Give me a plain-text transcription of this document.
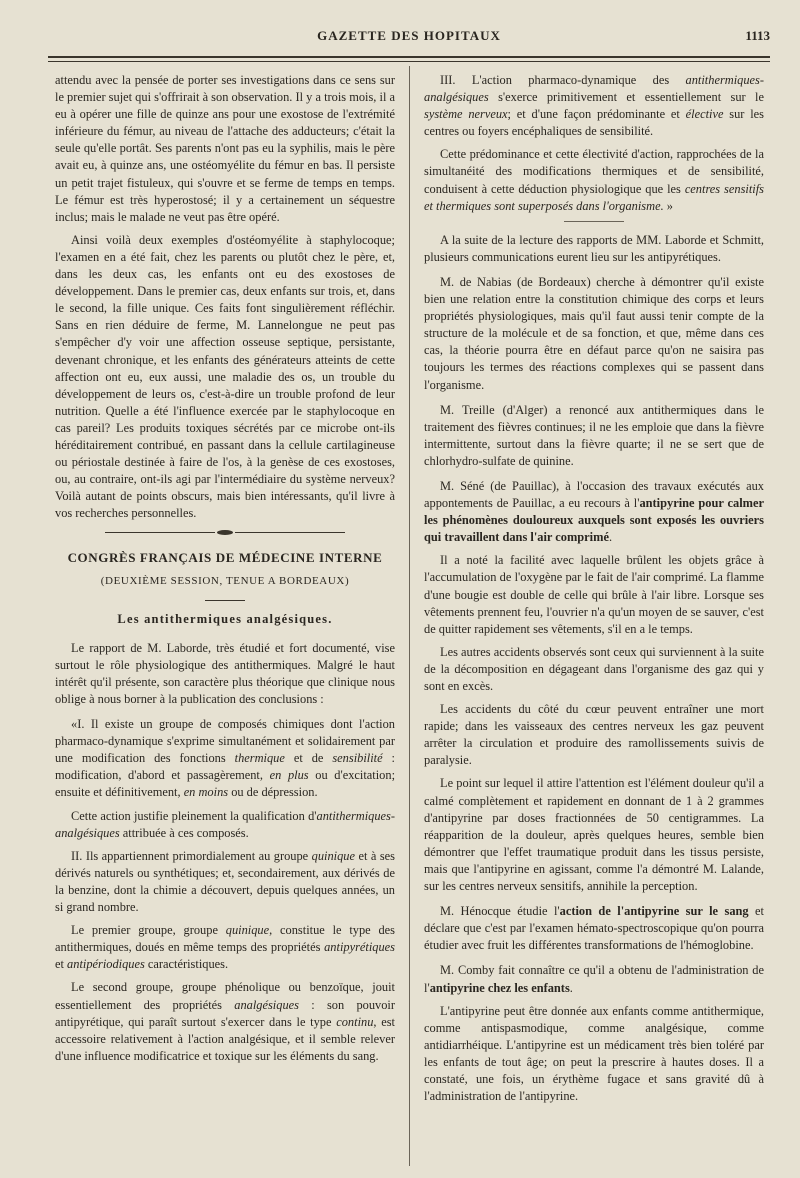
GAZETTE DES HOPITAUX	1113

attendu avec la pensée de porter ses investigations dans ce sens sur le premier sujet qui s'offrirait à son observation. Il y a trois mois, il a eu à opérer une fille de quinze ans pour une exostose de l'extrémité inférieure du fémur, au niveau de l'attache des adducteurs; c'était la seule qu'elle portât. Ses parents n'ont pas eu la syphilis, mais le père avait eu, à quinze ans, une ostéomyélite du fémur en bas. Il persiste un petit trajet fistuleux, qui s'ouvre et se ferme de temps en temps. Le fémur est très hyperostosé; il y a certainement un séquestre inclus; mais le malade ne veut pas être opéré.

Ainsi voilà deux exemples d'ostéomyélite à staphylocoque; l'examen en a été fait, chez les parents ou plutôt chez le père, et, dans les deux cas, les enfants ont eu des exostoses de développement. Dans le premier cas, deux enfants sur trois, et, dans le second, la fille unique. Ces faits font singulièrement réfléchir. Sans en rien déduire de ferme, M. Lannelongue ne peut pas s'empêcher d'y voir une affection osseuse septique, persistante, devenant chronique, et les enfants des générateurs atteints de cette affection ont eu, eux aussi, une maladie des os, un trouble du développement de leurs os, c'est-à-dire un trouble profond de leur nutrition. Quelle a été l'influence exercée par le staphylocoque en cas pareil? Les produits toxiques sécrétés par ce microbe ont-ils héréditairement contribué, en passant dans la cellule cartilagineuse ou périostale destinée à faire de l'os, à la genèse de ces exostoses, ou, au contraire, ont-ils agi par l'intermédiaire du système nerveux? Voilà autant de points obscurs, mais bien intéressants, qu'il livre à vos recherches personnelles.

CONGRÈS FRANÇAIS DE MÉDECINE INTERNE
(DEUXIÈME SESSION, TENUE A BORDEAUX)
Les antithermiques analgésiques.

Le rapport de M. Laborde, très étudié et fort documenté, vise surtout le rôle physiologique des antithermiques. Malgré le haut intérêt qu'il présente, son caractère plus théorique que clinique nous oblige à nous borner à la publication des conclusions :

«I. Il existe un groupe de composés chimiques dont l'action pharmaco-dynamique s'exprime simultanément et solidairement par une modification des fonctions thermique et de sensibilité : modification, d'abord et passagèrement, en plus ou d'excitation; ensuite et définitivement, en moins ou de dépression.

Cette action justifie pleinement la qualification d'antithermiques-analgésiques attribuée à ces composés.

II. Ils appartiennent primordialement au groupe quinique et à ses dérivés naturels ou synthétiques; et, secondairement, aux dérivés de la benzine, dont la chimie a découvert, depuis quelques années, un si grand nombre.

Le premier groupe, groupe quinique, constitue le type des antithermiques, doués en même temps des propriétés antipyrétiques et antipériodiques caractéristiques.

Le second groupe, groupe phénolique ou benzoïque, jouit essentiellement des propriétés analgésiques : son pouvoir antipyrétique, qui paraît surtout s'exercer dans le type continu, est accessoire relativement à l'action analgésique, et il semble relever d'une influence modificatrice et toxique sur les éléments du sang.

III. L'action pharmaco-dynamique des antithermiques-analgésiques s'exerce primitivement et essentiellement sur le système nerveux; et d'une façon prédominante et élective sur les centres ou foyers encéphaliques de sensibilité.

Cette prédominance et cette électivité d'action, rapprochées de la simultanéité des modifications thermiques et de sensibilité, conduisent à cette déduction physiologique que les centres sensitifs et thermiques sont superposés dans l'organisme. »

A la suite de la lecture des rapports de MM. Laborde et Schmitt, plusieurs communications eurent lieu sur les antipyrétiques.

M. de Nabias (de Bordeaux) cherche à démontrer qu'il existe bien une relation entre la constitution chimique des corps et leurs propriétés physiologiques, mais qu'il faut aussi tenir compte de la structure de la molécule et de sa fonction, et que, même dans ces cas, la théorie pourra être en défaut parce qu'on ne saisira pas toujours les termes des réactions complexes qui se passent dans l'organisme.

M. Treille (d'Alger) a renoncé aux antithermiques dans le traitement des fièvres continues; il ne les emploie que dans la fièvre intermittente, surtout dans la fièvre quarte; il ne se sert que de chlorhydro-sulfate de quinine.

M. Séné (de Pauillac), à l'occasion des travaux exécutés aux appontements de Pauillac, a eu recours à l'antipyrine pour calmer les phénomènes douloureux auxquels sont exposés les ouvriers qui travaillent dans l'air comprimé.

Il a noté la facilité avec laquelle brûlent les objets grâce à l'accumulation de l'oxygène par le fait de l'air comprimé. La flamme d'une bougie est double de celle qui brûle à l'air libre. Lorsque ses vêtements prennent feu, l'ouvrier n'a qu'un moyen de se sauver, c'est de quitter rapidement ses vêtements, s'il en a le temps.

Les autres accidents observés sont ceux qui surviennent à la suite de la décomposition en dégageant dans l'organisme des gaz qui y sont en excès.

Les accidents du côté du cœur peuvent entraîner une mort rapide; dans les vaisseaux des centres nerveux les gaz peuvent arrêter la circulation et produire des ramollissements suivis de paralysie.

Le point sur lequel il attire l'attention est l'élément douleur qu'il a calmé complètement et rapidement en donnant de 1 à 2 grammes d'antipyrine par doses fractionnées de 50 centigrammes. La réapparition de la douleur, après quelques heures, semble bien démontrer que l'effet traumatique produit dans les tissus persiste, mais que l'antipyrine en agissant, comme l'a démontré M. Lalande, sur les centres nerveux sensitifs, annihile la perception.

M. Hénocque étudie l'action de l'antipyrine sur le sang et déclare que c'est par l'examen hémato-spectroscopique qu'on pourra étudier avec fruit les différentes transformations de l'hémoglobine.

M. Comby fait connaître ce qu'il a obtenu de l'administration de l'antipyrine chez les enfants.

L'antipyrine peut être donnée aux enfants comme antithermique, comme antispasmodique, comme analgésique, comme antidiarrhéique. L'antipyrine est un médicament très bien toléré par les enfants de tout âge; on peut la prescrire à hautes doses. Il a constaté, une fois, un érythème fugace et sans gravité dû à l'administration de l'antipyrine.
